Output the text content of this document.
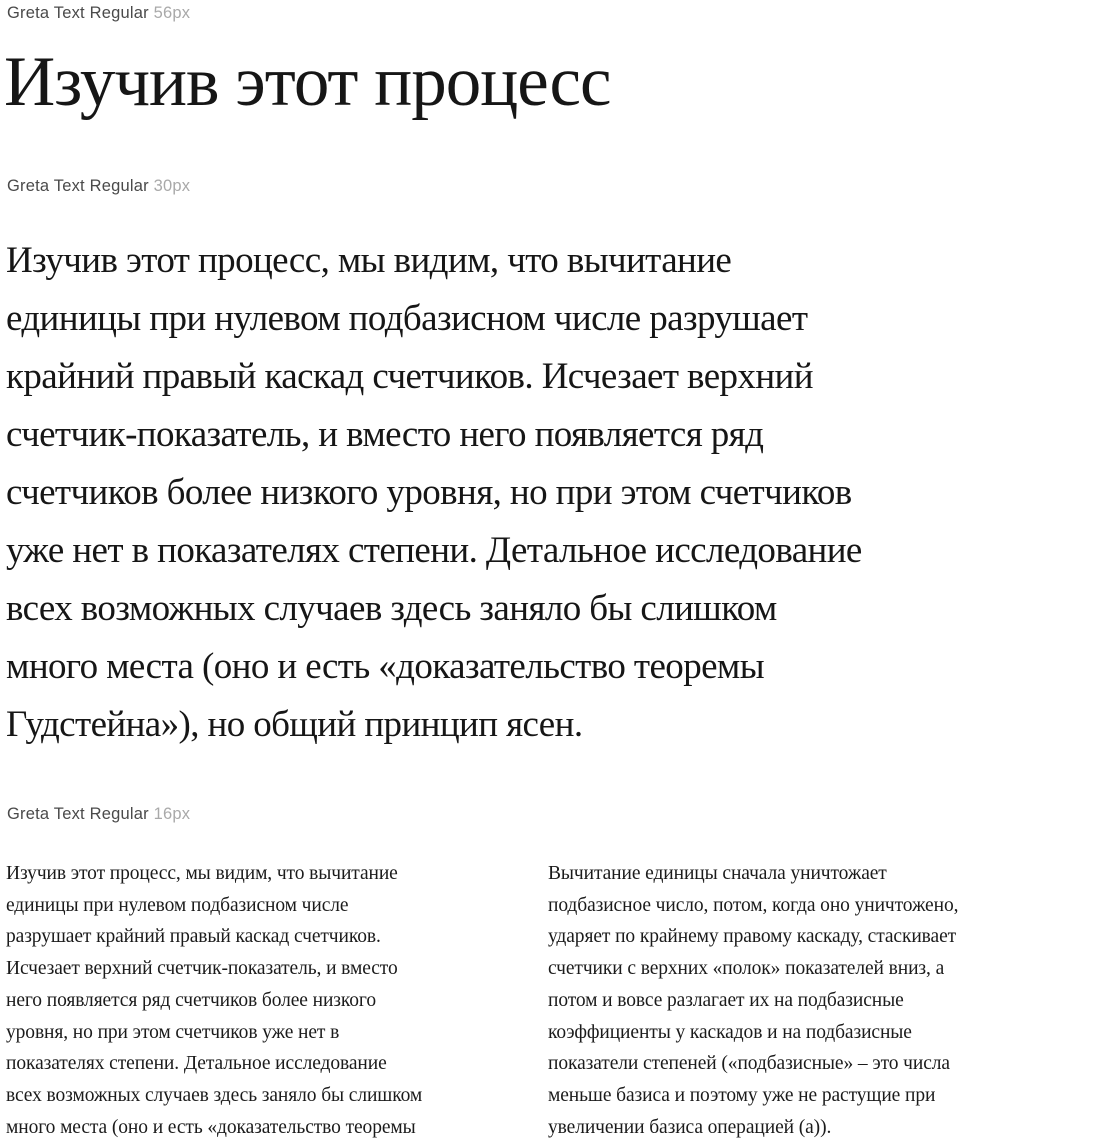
Greta Text Regular 56px
Изучив этот процесс
Greta Text Regular 30px
Изучив этот процесс, мы видим, что вычитание
единицы при нулевом подбазисном числе разрушает
крайний правый каскад счетчиков. Исчезает верхний
счетчик-показатель, и вместо него появляется ряд
счетчиков более низкого уровня, но при этом счетчиков
уже нет в показателях степени. Детальное исследование
всех возможных случаев здесь заняло бы слишком
много места (оно и есть «доказательство теоремы
Гудстейна»), но общий принцип ясен.
Greta Text Regular 16px
Изучив этот процесс, мы видим, что вычитание
единицы при нулевом подбазисном числе
разрушает крайний правый каскад счетчиков.
Исчезает верхний счетчик-показатель, и вместо
него появляется ряд счетчиков более низкого
уровня, но при этом счетчиков уже нет в
показателях степени. Детальное исследование
всех возможных случаев здесь заняло бы слишком
много места (оно и есть «доказательство теоремы
Вычитание единицы сначала уничтожает
подбазисное число, потом, когда оно уничтожено,
ударяет по крайнему правому каскаду, стаскивает
счетчики с верхних «полок» показателей вниз, а
потом и вовсе разлагает их на подбазисные
коэффициенты у каскадов и на подбазисные
показатели степеней («подбазисные» – это числа
меньше базиса и поэтому уже не растущие при
увеличении базиса операцией (а)).
